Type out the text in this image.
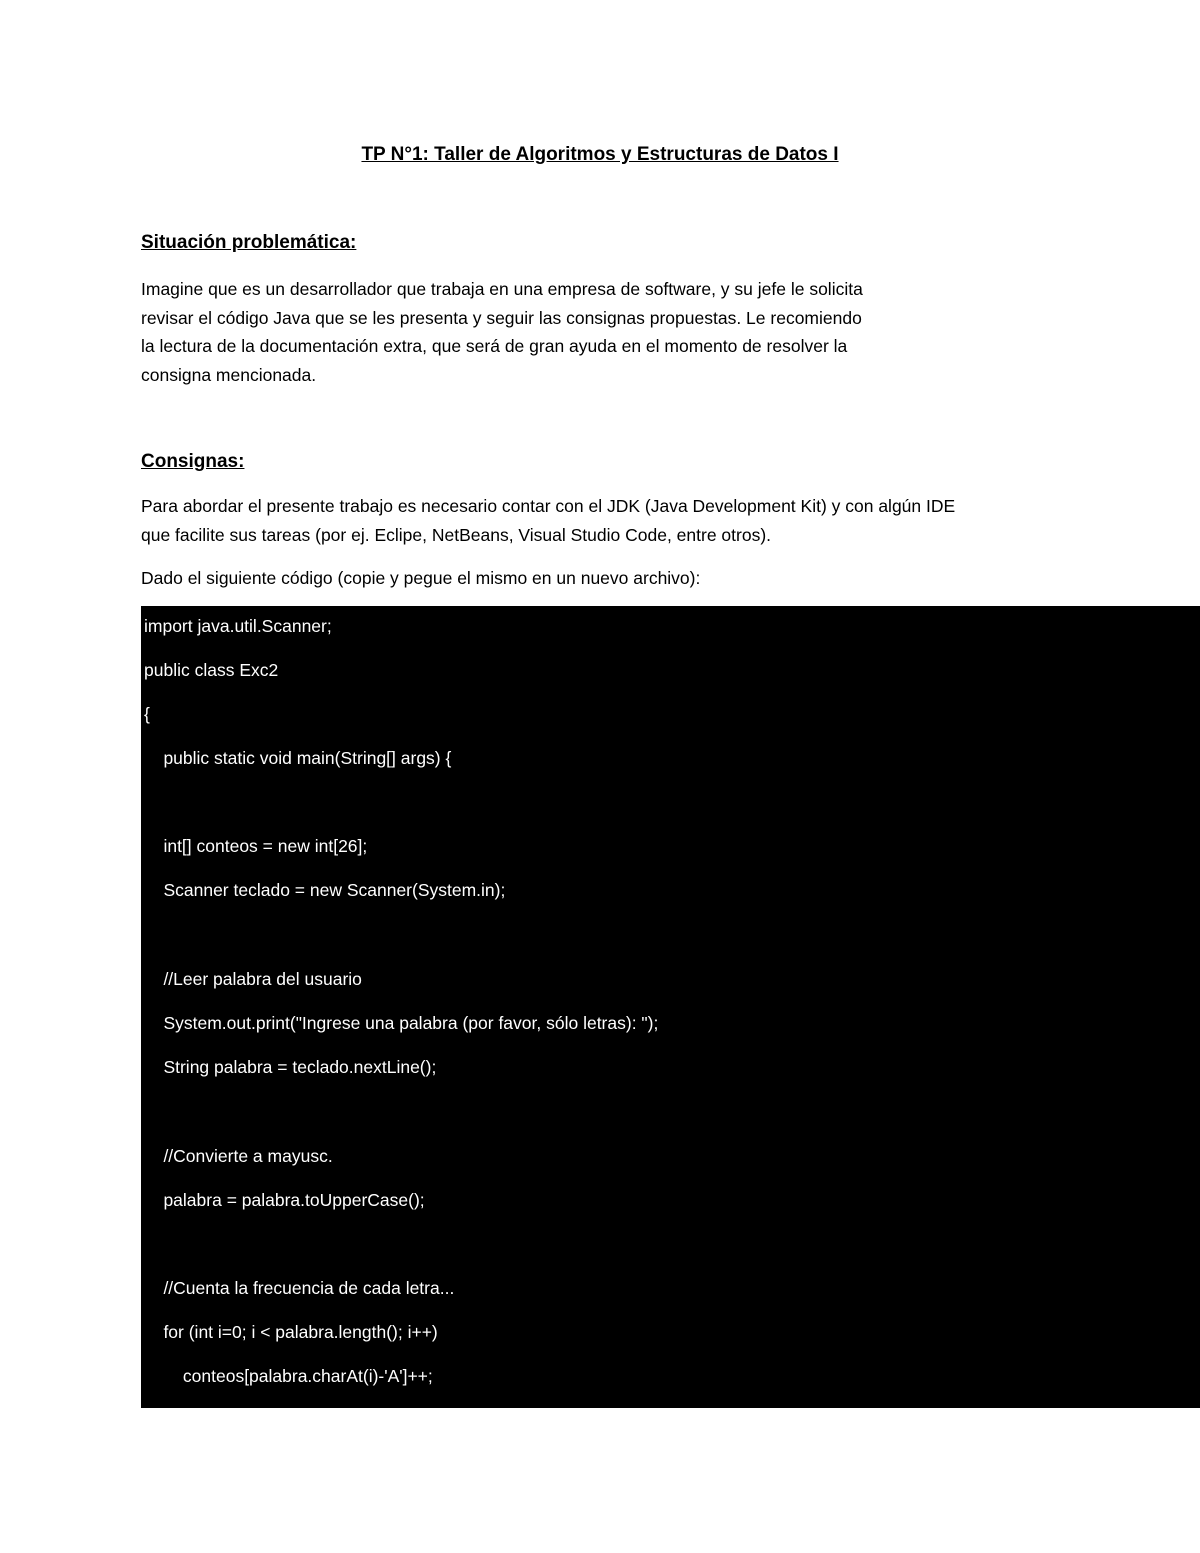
TP N°1: Taller de Algoritmos y Estructuras de Datos I
Situación problemática:

Imagine que es un desarrollador que trabaja en una empresa de software, y su jefe le solicita
revisar el código Java que se les presenta y seguir las consignas propuestas. Le recomiendo
la lectura de la documentación extra, que será de gran ayuda en el momento de resolver la
consigna mencionada.

Consignas:

Para abordar el presente trabajo es necesario contar con el JDK (Java Development Kit) y con algún IDE
que facilite sus tareas (por ej. Eclipe, NetBeans, Visual Studio Code, entre otros).

Dado el siguiente código (copie y pegue el mismo en un nuevo archivo):

import java.util.Scanner;
public class Exc2
{
public static void main(String[] args) {
int[] conteos = new int[26];
Scanner teclado = new Scanner(System.in);
//Leer palabra del usuario
System.out.print("Ingrese una palabra (por favor, sólo letras): ");
String palabra = teclado.nextLine();
//Convierte a mayusc.
palabra = palabra.toUpperCase();
//Cuenta la frecuencia de cada letra...
for (int i=0; i < palabra.length(); i++)
conteos[palabra.charAt(i)-'A']++;
